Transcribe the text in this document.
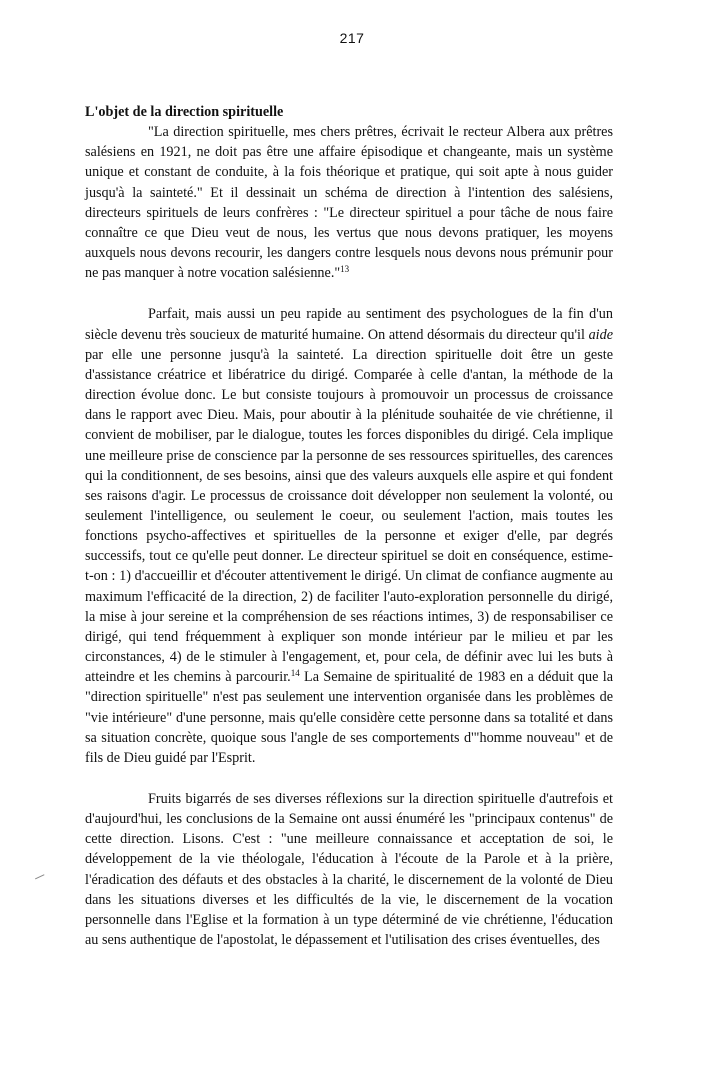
217

L'objet de la direction spirituelle

"La direction spirituelle, mes chers prêtres, écrivait le recteur Albera aux prêtres salésiens en 1921, ne doit pas être une affaire épisodique et changeante, mais un système unique et constant de conduite, à la fois théorique et pratique, qui soit apte à nous guider jusqu'à la sainteté." Et il dessinait un schéma de direction à l'intention des salésiens, directeurs spirituels de leurs confrères : "Le directeur spirituel a pour tâche de nous faire connaître ce que Dieu veut de nous, les vertus que nous devons pratiquer, les moyens auxquels nous devons recourir, les dangers contre lesquels nous devons nous prémunir pour ne pas manquer à notre vocation salésienne."$^{13}$

Parfait, mais aussi un peu rapide au sentiment des psychologues de la fin d'un siècle devenu très soucieux de maturité humaine. On attend désormais du directeur qu'il aide par elle une personne jusqu'à la sainteté. La direction spirituelle doit être un geste d'assistance créatrice et libératrice du dirigé. Comparée à celle d'antan, la méthode de la direction évolue donc. Le but consiste toujours à promouvoir un processus de croissance dans le rapport avec Dieu. Mais, pour aboutir à la plénitude souhaitée de vie chrétienne, il convient de mobiliser, par le dialogue, toutes les forces disponibles du dirigé. Cela implique une meilleure prise de conscience par la personne de ses ressources spirituelles, des carences qui la conditionnent, de ses besoins, ainsi que des valeurs auxquels elle aspire et qui fondent ses raisons d'agir. Le processus de croissance doit développer non seulement la volonté, ou seulement l'intelligence, ou seulement le coeur, ou seulement l'action, mais toutes les fonctions psycho-affectives et spirituelles de la personne et exiger d'elle, par degrés successifs, tout ce qu'elle peut donner. Le directeur spirituel se doit en conséquence, estime-t-on : 1) d'accueillir et d'écouter attentivement le dirigé. Un climat de confiance augmente au maximum l'efficacité de la direction, 2) de faciliter l'auto-exploration personnelle du dirigé, la mise à jour sereine et la compréhension de ses réactions intimes, 3) de responsabiliser ce dirigé, qui tend fréquemment à expliquer son monde intérieur par le milieu et par les circonstances, 4) de le stimuler à l'engagement, et, pour cela, de définir avec lui les buts à atteindre et les chemins à parcourir.$^{14}$ La Semaine de spiritualité de 1983 en a déduit que la "direction spirituelle" n'est pas seulement une intervention organisée dans les problèmes de "vie intérieure" d'une personne, mais qu'elle considère cette personne dans sa totalité et dans sa situation concrète, quoique sous l'angle de ses comportements d'"homme nouveau" et de fils de Dieu guidé par l'Esprit.

Fruits bigarrés de ses diverses réflexions sur la direction spirituelle d'autrefois et d'aujourd'hui, les conclusions de la Semaine ont aussi énuméré les "principaux contenus" de cette direction. Lisons. C'est : "une meilleure connaissance et acceptation de soi, le développement de la vie théologale, l'éducation à l'écoute de la Parole et à la prière, l'éradication des défauts et des obstacles à la charité, le discernement de la volonté de Dieu dans les situations diverses et les difficultés de la vie, le discernement de la vocation personnelle dans l'Eglise et la formation à un type déterminé de vie chrétienne, l'éducation au sens authentique de l'apostolat, le dépassement et l'utilisation des crises éventuelles, des
